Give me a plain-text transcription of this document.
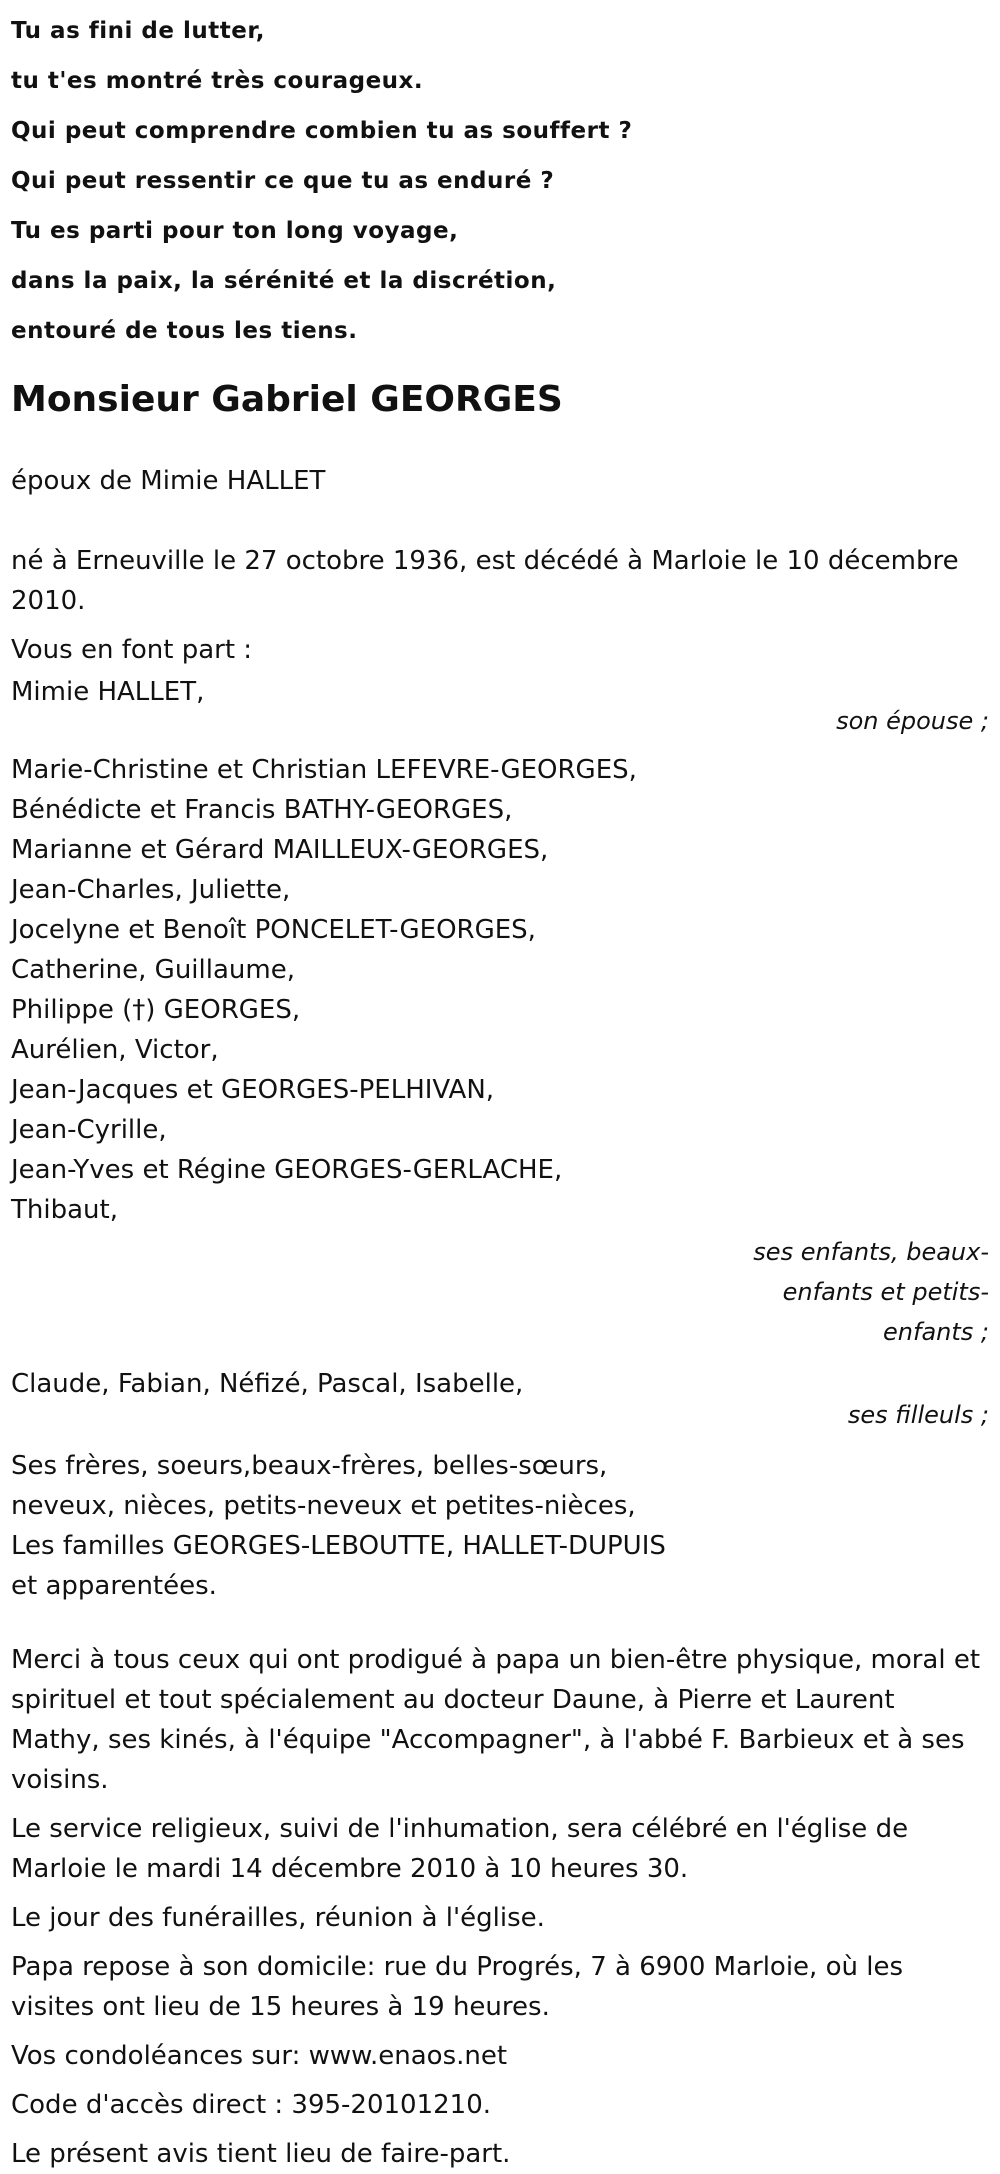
Tu as fini de lutter,
tu t'es montré très courageux.
Qui peut comprendre combien tu as souffert ?
Qui peut ressentir ce que tu as enduré ?
Tu es parti pour ton long voyage,
dans la paix, la sérénité et la discrétion,
entouré de tous les tiens.
Monsieur Gabriel GEORGES
époux de Mimie HALLET
né à Erneuville le 27 octobre 1936, est décédé à Marloie le 10 décembre 2010.
Vous en font part :
Mimie HALLET,
son épouse ;
Marie-Christine et Christian LEFEVRE-GEORGES,
Bénédicte et Francis BATHY-GEORGES,
Marianne et Gérard MAILLEUX-GEORGES,
Jean-Charles, Juliette,
Jocelyne et Benoît PONCELET-GEORGES,
Catherine, Guillaume,
Philippe (†) GEORGES,
Aurélien, Victor,
Jean-Jacques et GEORGES-PELHIVAN,
Jean-Cyrille,
Jean-Yves et Régine GEORGES-GERLACHE,
Thibaut,
ses enfants, beaux-enfants et petits-enfants ;
Claude, Fabian, Néfizé, Pascal, Isabelle,
ses filleuls ;
Ses frères, soeurs,beaux-frères, belles-sœurs,
neveux, nièces, petits-neveux et petites-nièces,
Les familles GEORGES-LEBOUTTE, HALLET-DUPUIS
et apparentées.
Merci à tous ceux qui ont prodigué à papa un bien-être physique, moral et spirituel et tout spécialement au docteur Daune, à Pierre et Laurent Mathy, ses kinés, à l'équipe "Accompagner", à l'abbé F. Barbieux et à ses voisins.
Le service religieux, suivi de l'inhumation, sera célébré en l'église de Marloie le mardi 14 décembre 2010 à 10 heures 30.
Le jour des funérailles, réunion à l'église.
Papa repose à son domicile: rue du Progrés, 7 à 6900 Marloie, où les visites ont lieu de 15 heures à 19 heures.
Vos condoléances sur: www.enaos.net
Code d'accès direct : 395-20101210.
Le présent avis tient lieu de faire-part.
